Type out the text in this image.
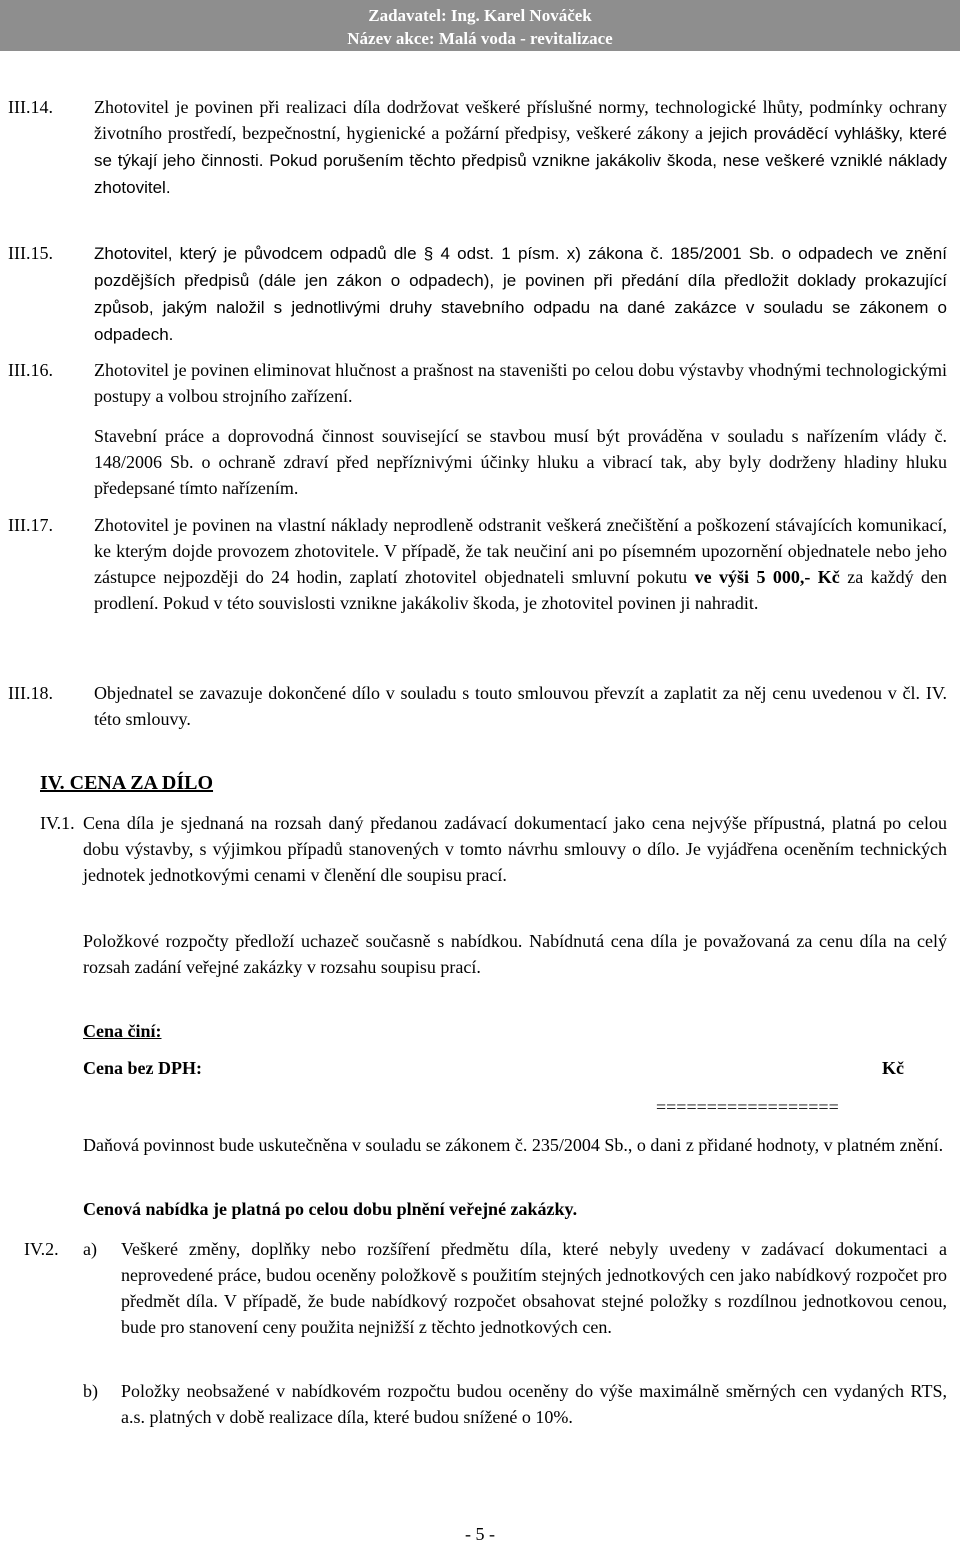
Zadavatel: Ing. Karel Nováček
Název akce: Malá voda - revitalizace
III.14. Zhotovitel je povinen při realizaci díla dodržovat veškeré příslušné normy, technologické lhůty, podmínky ochrany životního prostředí, bezpečnostní, hygienické a požární předpisy, veškeré zákony a jejich prováděcí vyhlášky, které se týkají jeho činnosti. Pokud porušením těchto předpisů vznikne jakákoliv škoda, nese veškeré vzniklé náklady zhotovitel.

III.15. Zhotovitel, který je původcem odpadů dle § 4 odst. 1 písm. x) zákona č. 185/2001 Sb. o odpadech ve znění pozdějších předpisů (dále jen zákon o odpadech), je povinen při předání díla předložit doklady prokazující způsob, jakým naložil s jednotlivými druhy stavebního odpadu na dané zakázce v souladu se zákonem o odpadech.

III.16. Zhotovitel je povinen eliminovat hlučnost a prašnost na staveništi po celou dobu výstavby vhodnými technologickými postupy a volbou strojního zařízení.

Stavební práce a doprovodná činnost související se stavbou musí být prováděna v souladu s nařízením vlády č. 148/2006 Sb. o ochraně zdraví před nepříznivými účinky hluku a vibrací tak, aby byly dodrženy hladiny hluku předepsané tímto nařízením.

III.17. Zhotovitel je povinen na vlastní náklady neprodleně odstranit veškerá znečištění a poškození stávajících komunikací, ke kterým dojde provozem zhotovitele. V případě, že tak neučiní ani po písemném upozornění objednatele nebo jeho zástupce nejpozději do 24 hodin, zaplatí zhotovitel objednateli smluvní pokutu ve výši 5 000,- Kč za každý den prodlení. Pokud v této souvislosti vznikne jakákoliv škoda, je zhotovitel povinen ji nahradit.

III.18. Objednatel se zavazuje dokončené dílo v souladu s touto smlouvou převzít a zaplatit za něj cenu uvedenou v čl. IV. této smlouvy.

IV. CENA ZA DÍLO
IV.1. Cena díla je sjednaná na rozsah daný předanou zadávací dokumentací jako cena nejvýše přípustná, platná po celou dobu výstavby, s výjimkou případů stanovených v tomto návrhu smlouvy o dílo. Je vyjádřena oceněním technických jednotek jednotkovými cenami v členění dle soupisu prací.

Položkové rozpočty předloží uchazeč současně s nabídkou. Nabídnutá cena díla je považovaná za cenu díla na celý rozsah zadání veřejné zakázky v rozsahu soupisu prací.

Cena činí:
Cena bez DPH:	Kč
==================

Daňová povinnost bude uskutečněna v souladu se zákonem č. 235/2004 Sb., o dani z přidané hodnoty, v platném znění.

Cenová nabídka je platná po celou dobu plnění veřejné zakázky.
IV.2. a) Veškeré změny, doplňky nebo rozšíření předmětu díla, které nebyly uvedeny v zadávací dokumentaci a neprovedené práce, budou oceněny položkově s použitím stejných jednotkových cen jako nabídkový rozpočet pro předmět díla. V případě, že bude nabídkový rozpočet obsahovat stejné položky s rozdílnou jednotkovou cenou, bude pro stanovení ceny použita nejnižší z těchto jednotkových cen.

b) Položky neobsažené v nabídkovém rozpočtu budou oceněny do výše maximálně směrných cen vydaných RTS, a.s. platných v době realizace díla, které budou snížené o 10%.

- 5 -
